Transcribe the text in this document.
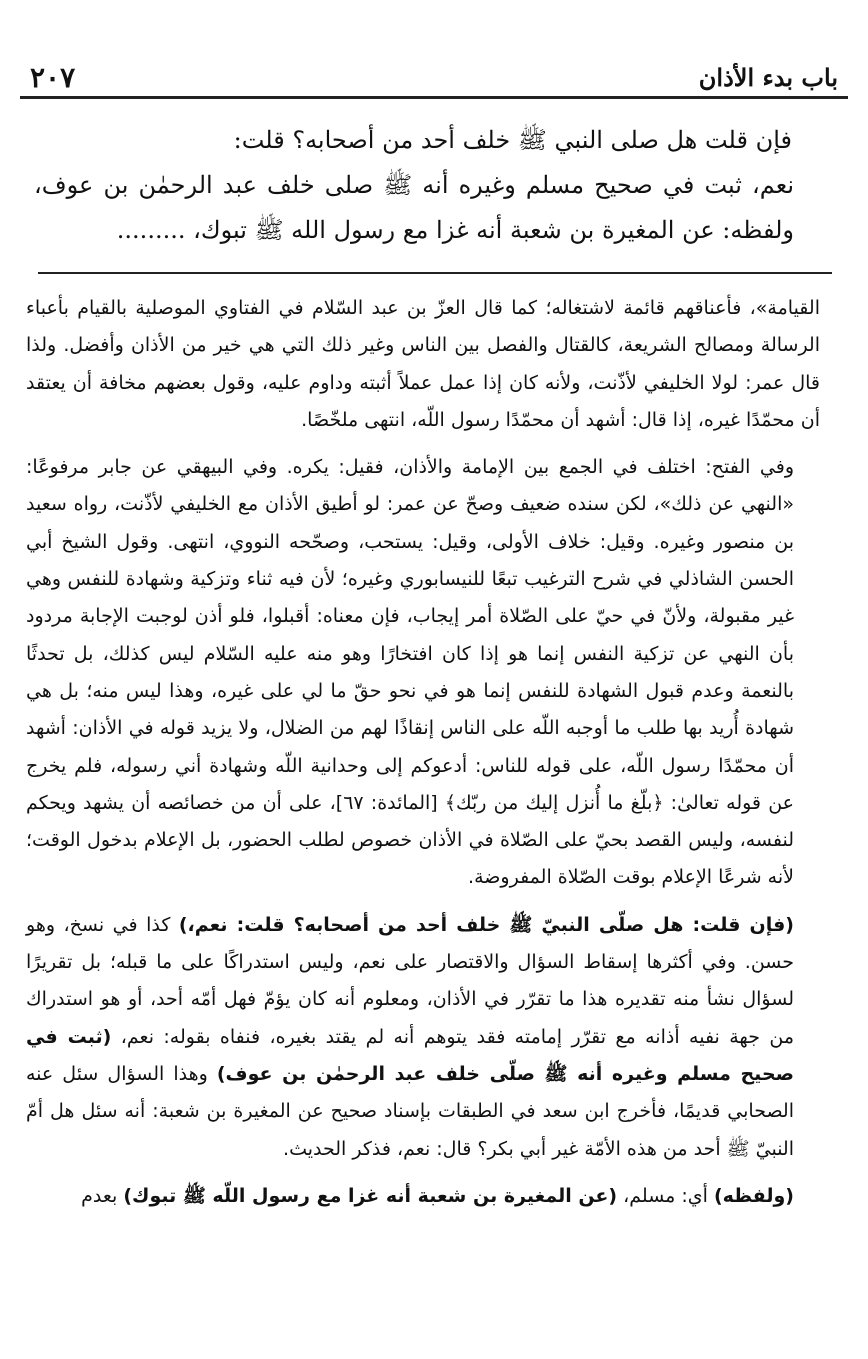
باب بدء الأذان
٢٠٧

فإن قلت هل صلى النبي ﷺ خلف أحد من أصحابه؟ قلت:

نعم، ثبت في صحيح مسلم وغيره أنه ﷺ صلى خلف عبد الرحمٰن بن عوف، ولفظه: عن المغيرة بن شعبة أنه غزا مع رسول الله ﷺ تبوك، .........

القيامة»، فأعناقهم قائمة لاشتغاله؛ كما قال العزّ بن عبد السّلام في الفتاوي الموصلية بالقيام بأعباء الرسالة ومصالح الشريعة، كالقتال والفصل بين الناس وغير ذلك التي هي خير من الأذان وأفضل. ولذا قال عمر: لولا الخليفي لأذّنت، ولأنه كان إذا عمل عملاً أثبته وداوم عليه، وقول بعضهم مخافة أن يعتقد أن محمّدًا غيره، إذا قال: أشهد أن محمّدًا رسول اللّه، انتهى ملخّصًا.

وفي الفتح: اختلف في الجمع بين الإمامة والأذان، فقيل: يكره. وفي البيهقي عن جابر مرفوعًا: «النهي عن ذلك»، لكن سنده ضعيف وصحّ عن عمر: لو أطيق الأذان مع الخليفي لأذّنت، رواه سعيد بن منصور وغيره. وقيل: خلاف الأولى، وقيل: يستحب، وصحّحه النووي، انتهى. وقول الشيخ أبي الحسن الشاذلي في شرح الترغيب تبعًا للنيسابوري وغيره؛ لأن فيه ثناء وتزكية وشهادة للنفس وهي غير مقبولة، ولأنّ في حيّ على الصّلاة أمر إيجاب، فإن معناه: أقبلوا، فلو أذن لوجبت الإجابة مردود بأن النهي عن تزكية النفس إنما هو إذا كان افتخارًا وهو منه عليه السّلام ليس كذلك، بل تحدثًا بالنعمة وعدم قبول الشهادة للنفس إنما هو في نحو حقّ ما لي على غيره، وهذا ليس منه؛ بل هي شهادة أُريد بها طلب ما أوجبه اللّه على الناس إنقاذًا لهم من الضلال، ولا يزيد قوله في الأذان: أشهد أن محمّدًا رسول اللّه، على قوله للناس: أدعوكم إلى وحدانية اللّه وشهادة أني رسوله، فلم يخرج عن قوله تعالىٰ: ﴿بلّغ ما أُنزل إليك من ربّك﴾ [المائدة: ٦٧]، على أن من خصائصه أن يشهد ويحكم لنفسه، وليس القصد بحيّ على الصّلاة في الأذان خصوص لطلب الحضور، بل الإعلام بدخول الوقت؛ لأنه شرعًا الإعلام بوقت الصّلاة المفروضة.

(فإن قلت: هل صلّى النبيّ ﷺ خلف أحد من أصحابه؟ قلت: نعم،) كذا في نسخ، وهو حسن. وفي أكثرها إسقاط السؤال والاقتصار على نعم، وليس استدراكًا على ما قبله؛ بل تقريرًا لسؤال نشأ منه تقديره هذا ما تقرّر في الأذان، ومعلوم أنه كان يؤمّ فهل أمّه أحد، أو هو استدراك من جهة نفيه أذانه مع تقرّر إمامته فقد يتوهم أنه لم يقتد بغيره، فنفاه بقوله: نعم، (ثبت في صحيح مسلم وغيره أنه ﷺ صلّى خلف عبد الرحمٰن بن عوف) وهذا السؤال سئل عنه الصحابي قديمًا، فأخرج ابن سعد في الطبقات بإسناد صحيح عن المغيرة بن شعبة: أنه سئل هل أمّ النبيّ ﷺ أحد من هذه الأمّة غير أبي بكر؟ قال: نعم، فذكر الحديث.

(ولفظه) أي: مسلم، (عن المغيرة بن شعبة أنه غزا مع رسول اللّه ﷺ تبوك) بعدم
